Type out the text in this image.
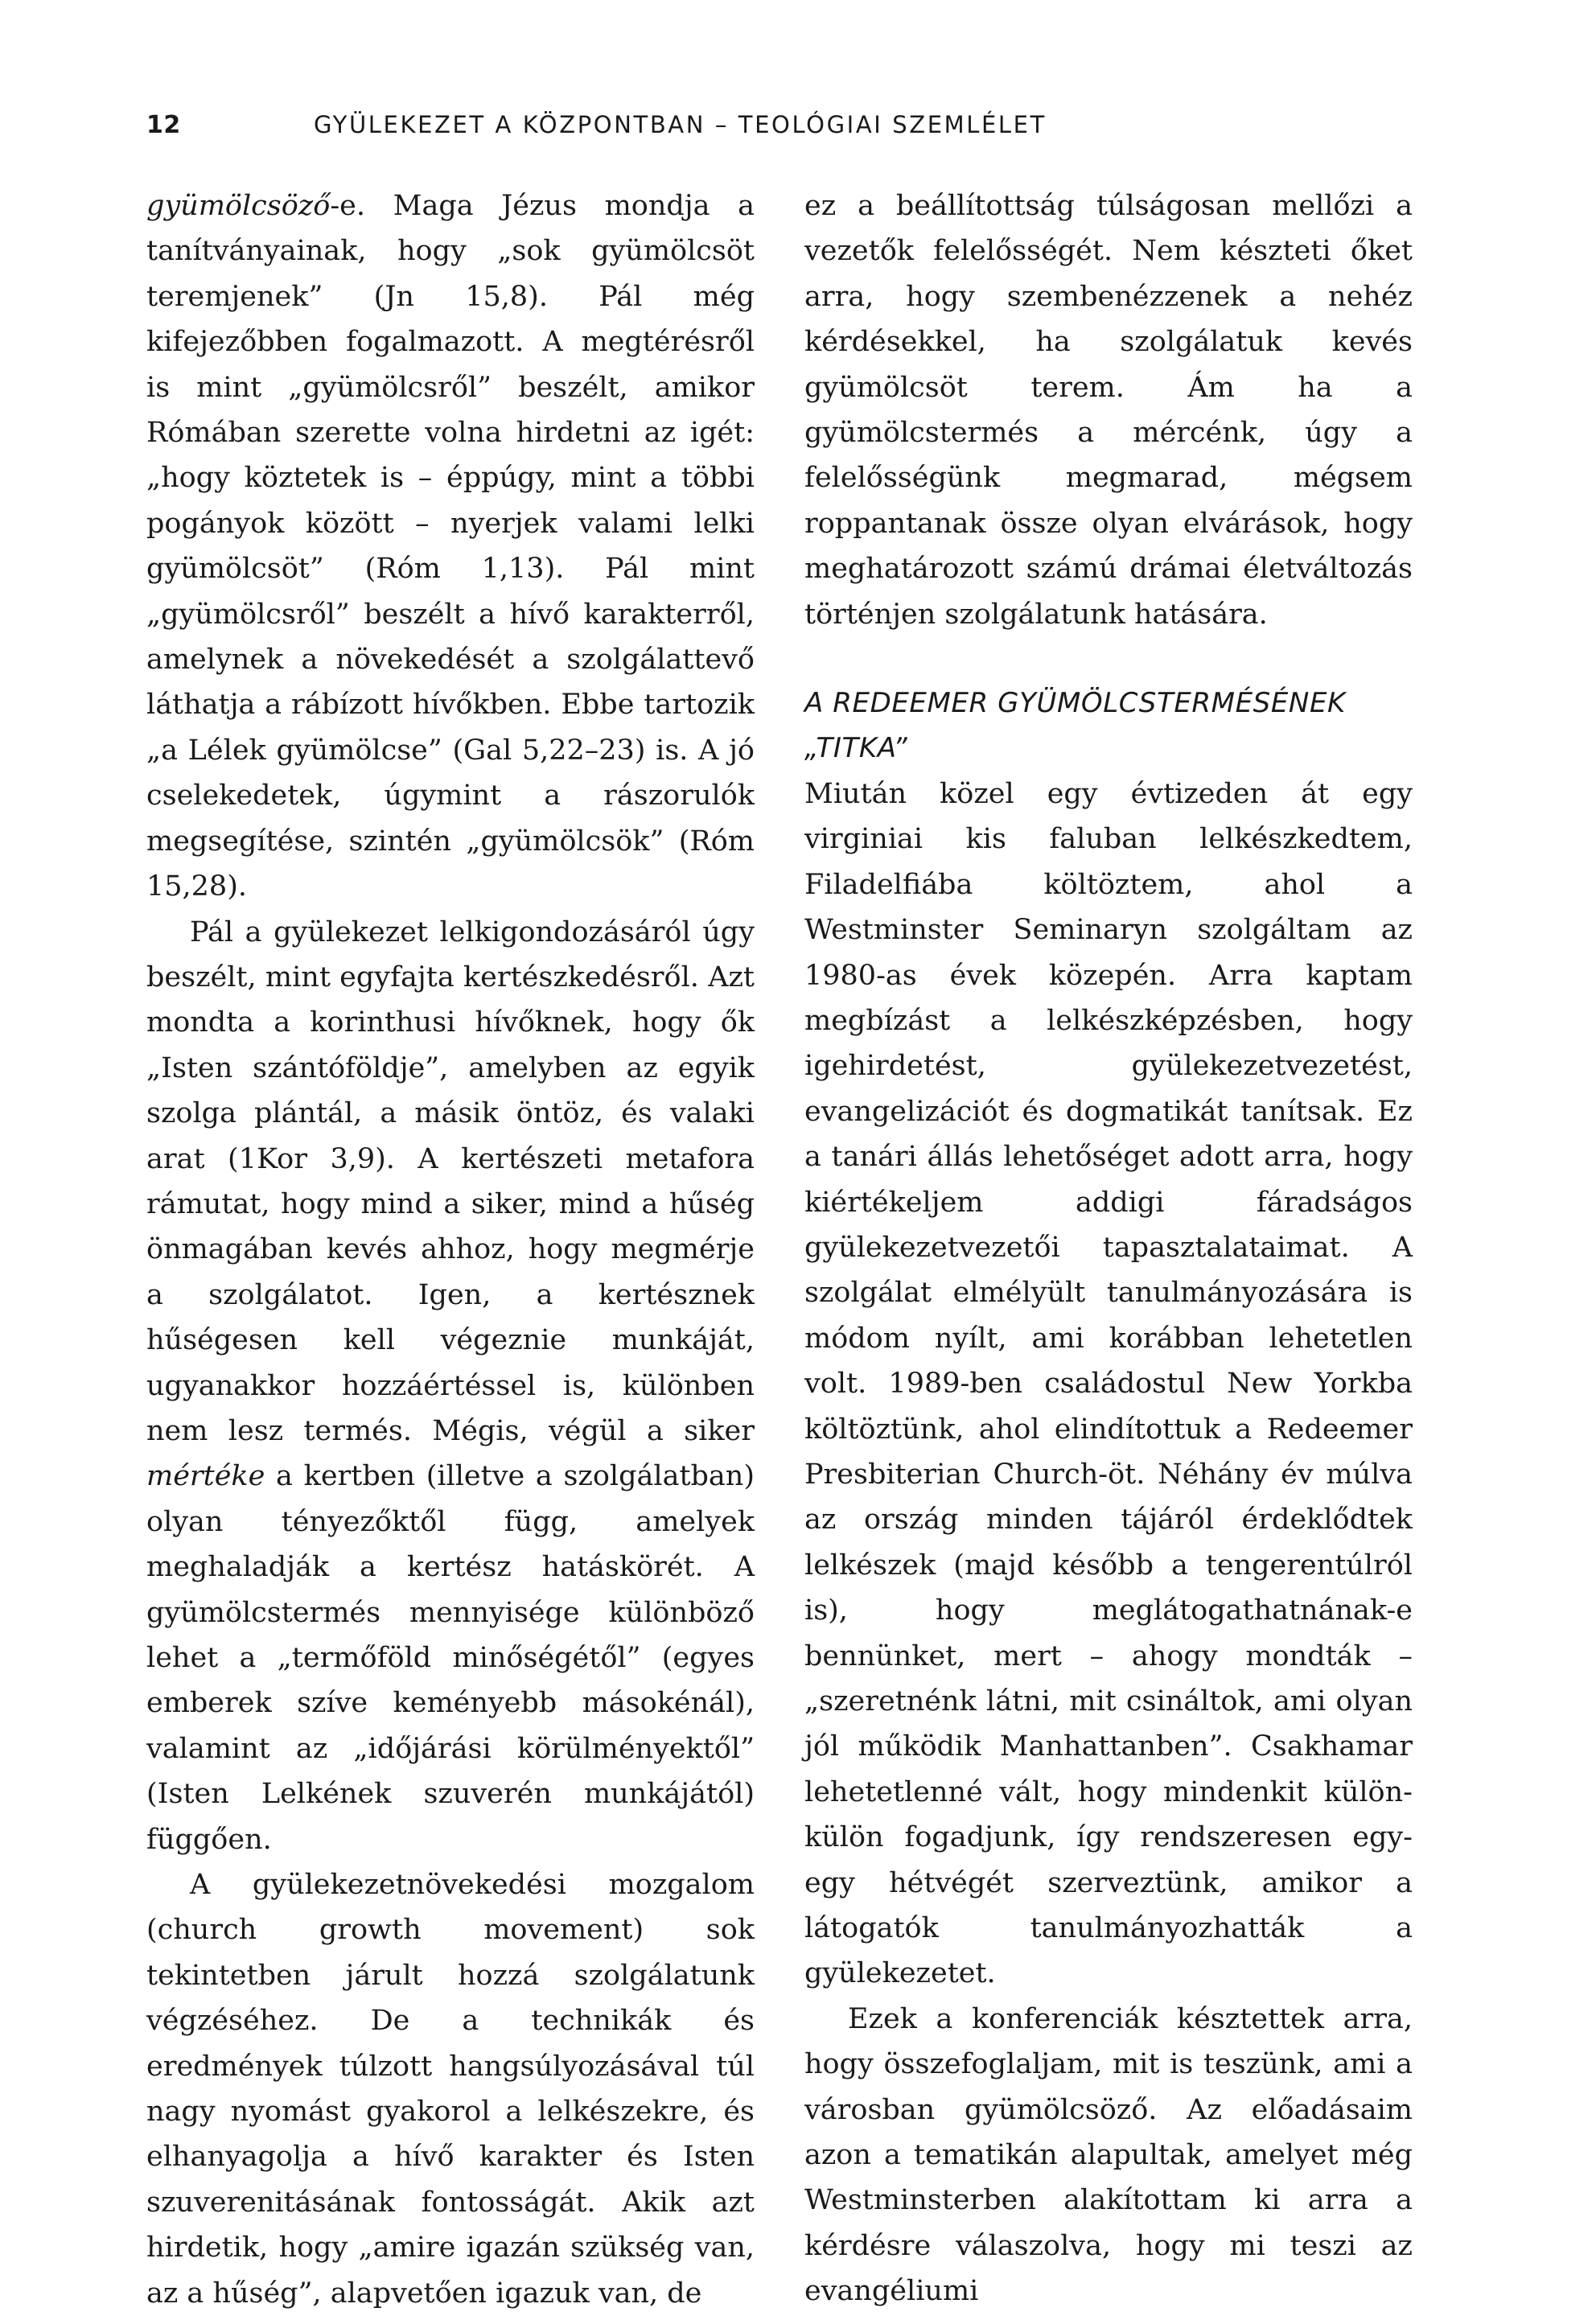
12	GYÜLEKEZET A KÖZPONTBAN – TEOLÓGIAI SZEMLÉLET

gyümölcsöző-e. Maga Jézus mondja a tanítványainak, hogy „sok gyümölcsöt teremjenek” (Jn 15,8). Pál még kifejezőbben fogalmazott. A megtérésről is mint „gyümölcsről” beszélt, amikor Rómában szerette volna hirdetni az igét: „hogy köztetek is – éppúgy, mint a többi pogányok között – nyerjek valami lelki gyümölcsöt” (Róm 1,13). Pál mint „gyümölcsről” beszélt a hívő karakterről, amelynek a növekedését a szolgálattevő láthatja a rábízott hívőkben. Ebbe tartozik „a Lélek gyümölcse” (Gal 5,22–23) is. A jó cselekedetek, úgymint a rászorulók megsegítése, szintén „gyümölcsök” (Róm 15,28).

Pál a gyülekezet lelkigondozásáról úgy beszélt, mint egyfajta kertészkedésről. Azt mondta a korinthusi hívőknek, hogy ők „Isten szántóföldje”, amelyben az egyik szolga plántál, a másik öntöz, és valaki arat (1Kor 3,9). A kertészeti metafora rámutat, hogy mind a siker, mind a hűség önmagában kevés ahhoz, hogy megmérje a szolgálatot. Igen, a kertésznek hűségesen kell végeznie munkáját, ugyanakkor hozzáértéssel is, különben nem lesz termés. Mégis, végül a siker mértéke a kertben (illetve a szolgálatban) olyan tényezőktől függ, amelyek meghaladják a kertész hatáskörét. A gyümölcstermés mennyisége különböző lehet a „termőföld minőségétől” (egyes emberek szíve keményebb másokénál), valamint az „időjárási körülményektől” (Isten Lelkének szuverén munkájától) függően.

A gyülekezetnövekedési mozgalom (church growth movement) sok tekintetben járult hozzá szolgálatunk végzéséhez. De a technikák és eredmények túlzott hangsúlyozásával túl nagy nyomást gyakorol a lelkészekre, és elhanyagolja a hívő karakter és Isten szuverenitásának fontosságát. Akik azt hirdetik, hogy „amire igazán szükség van, az a hűség”, alapvetően igazuk van, de

ez a beállítottság túlságosan mellőzi a vezetők felelősségét. Nem készteti őket arra, hogy szembenézzenek a nehéz kérdésekkel, ha szolgálatuk kevés gyümölcsöt terem. Ám ha a gyümölcstermés a mércénk, úgy a felelősségünk megmarad, mégsem roppantanak össze olyan elvárások, hogy meghatározott számú drámai életváltozás történjen szolgálatunk hatására.

A REDEEMER GYÜMÖLCSTERMÉSÉNEK „TITKA”

Miután közel egy évtizeden át egy virginiai kis faluban lelkészkedtem, Filadelfiába költöztem, ahol a Westminster Seminaryn szolgáltam az 1980-as évek közepén. Arra kaptam megbízást a lelkészképzésben, hogy igehirdetést, gyülekezetvezetést, evangelizációt és dogmatikát tanítsak. Ez a tanári állás lehetőséget adott arra, hogy kiértékeljem addigi fáradságos gyülekezetvezetői tapasztalataimat. A szolgálat elmélyült tanulmányozására is módom nyílt, ami korábban lehetetlen volt. 1989-ben családostul New Yorkba költöztünk, ahol elindítottuk a Redeemer Presbiterian Church-öt. Néhány év múlva az ország minden tájáról érdeklődtek lelkészek (majd később a tengerentúlról is), hogy meglátogathatnának-e bennünket, mert – ahogy mondták – „szeretnénk látni, mit csináltok, ami olyan jól működik Manhattanben”. Csakhamar lehetetlenné vált, hogy mindenkit külön-külön fogadjunk, így rendszeresen egy-egy hétvégét szerveztünk, amikor a látogatók tanulmányozhatták a gyülekezetet.

Ezek a konferenciák késztettek arra, hogy összefoglaljam, mit is teszünk, ami a városban gyümölcsöző. Az előadásaim azon a tematikán alapultak, amelyet még Westminsterben alakítottam ki arra a kérdésre válaszolva, hogy mi teszi az evangéliumi
